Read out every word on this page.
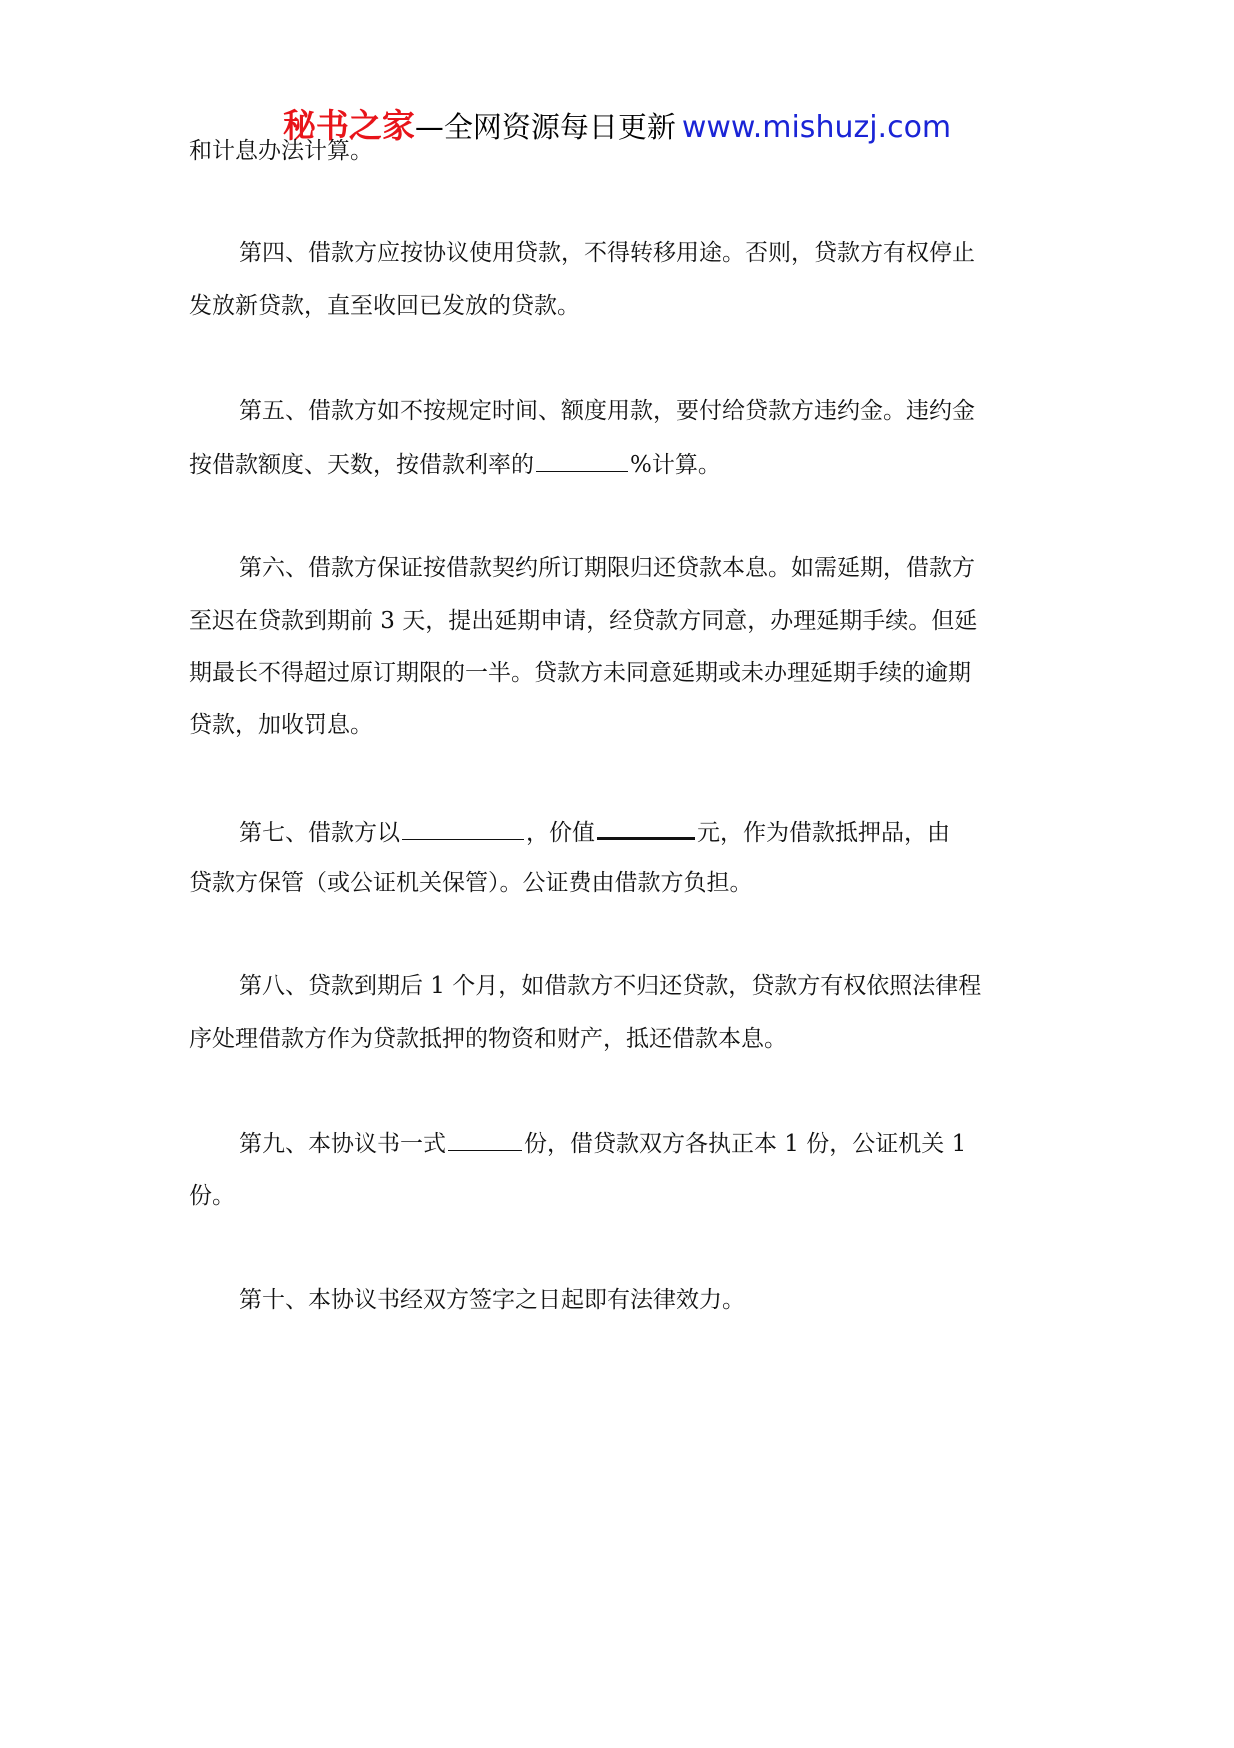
秘书之家—全网资源每日更新 www.mishuzj.com
和计息办法计算。
第四、借款方应按协议使用贷款，不得转移用途。否则，贷款方有权停止
发放新贷款，直至收回已发放的贷款。
第五、借款方如不按规定时间、额度用款，要付给贷款方违约金。违约金
按借款额度、天数，按借款利率的	%计算。
第六、借款方保证按借款契约所订期限归还贷款本息。如需延期，借款方
至迟在贷款到期前 3 天，提出延期申请，经贷款方同意，办理延期手续。但延
期最长不得超过原订期限的一半。贷款方未同意延期或未办理延期手续的逾期
贷款，加收罚息。
第七、借款方以	，价值	元，作为借款抵押品，由
贷款方保管（或公证机关保管）。公证费由借款方负担。
第八、贷款到期后 1 个月，如借款方不归还贷款，贷款方有权依照法律程
序处理借款方作为贷款抵押的物资和财产，抵还借款本息。
第九、本协议书一式	份，借贷款双方各执正本 1 份，公证机关 1
份。
第十、本协议书经双方签字之日起即有法律效力。
